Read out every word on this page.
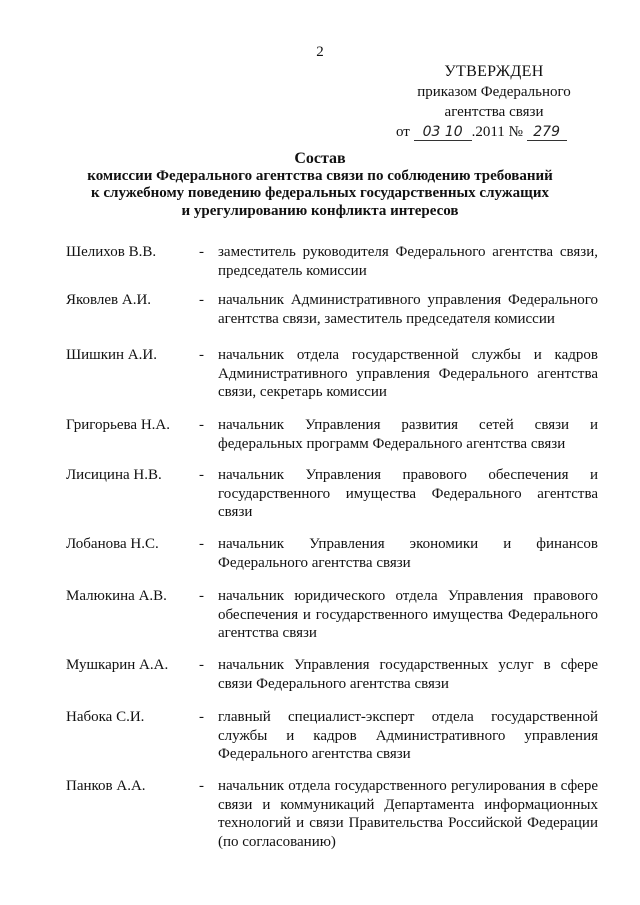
2
УТВЕРЖДЕН
приказом Федерального
агентства связи
от 03 10 .2011 № 279
Состав
комиссии Федерального агентства связи по соблюдению требований
к служебному поведению федеральных государственных служащих
и урегулированию конфликта интересов
Шелихов В.В.	- заместитель руководителя Федерального агентства связи, председатель комиссии
Яковлев А.И.	- начальник Административного управления Федерального агентства связи, заместитель председателя комиссии
Шишкин А.И.	- начальник отдела государственной службы и кадров Административного управления Федерального агентства связи, секретарь комиссии
Григорьева Н.А. - начальник Управления развития сетей связи и федеральных программ Федерального агентства связи
Лисицина Н.В. - начальник Управления правового обеспечения и государственного имущества Федерального агентства связи
Лобанова Н.С.	- начальник Управления экономики и финансов Федерального агентства связи
Малюкина А.В. - начальник юридического отдела Управления правового обеспечения и государственного имущества Федерального агентства связи
Мушкарин А.А. - начальник Управления государственных услуг в сфере связи Федерального агентства связи
Набока С.И.	- главный специалист-эксперт отдела государственной службы и кадров Административного управления Федерального агентства связи
Панков А.А.	- начальник отдела государственного регулирования в сфере связи и коммуникаций Департамента информационных технологий и связи Правительства Российской Федерации (по согласованию)
